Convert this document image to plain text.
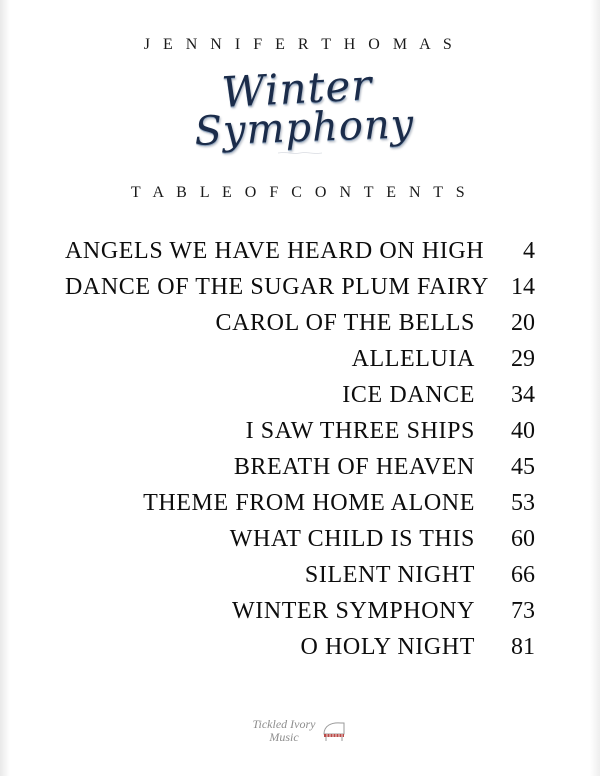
J E N N I F E R T H O M A S
Winter
Symphony
T A B L E O F C O N T E N T S
ANGELS WE HAVE HEARD ON HIGH	4
DANCE OF THE SUGAR PLUM FAIRY 14
CAROL OF THE BELLS	20
ALLELUIA	29
ICE DANCE	34
I SAW THREE SHIPS	40
BREATH OF HEAVEN	45
THEME FROM HOME ALONE	53
WHAT CHILD IS THIS	60
SILENT NIGHT	66
WINTER SYMPHONY	73
O HOLY NIGHT	81
Tickled Ivory
Music
